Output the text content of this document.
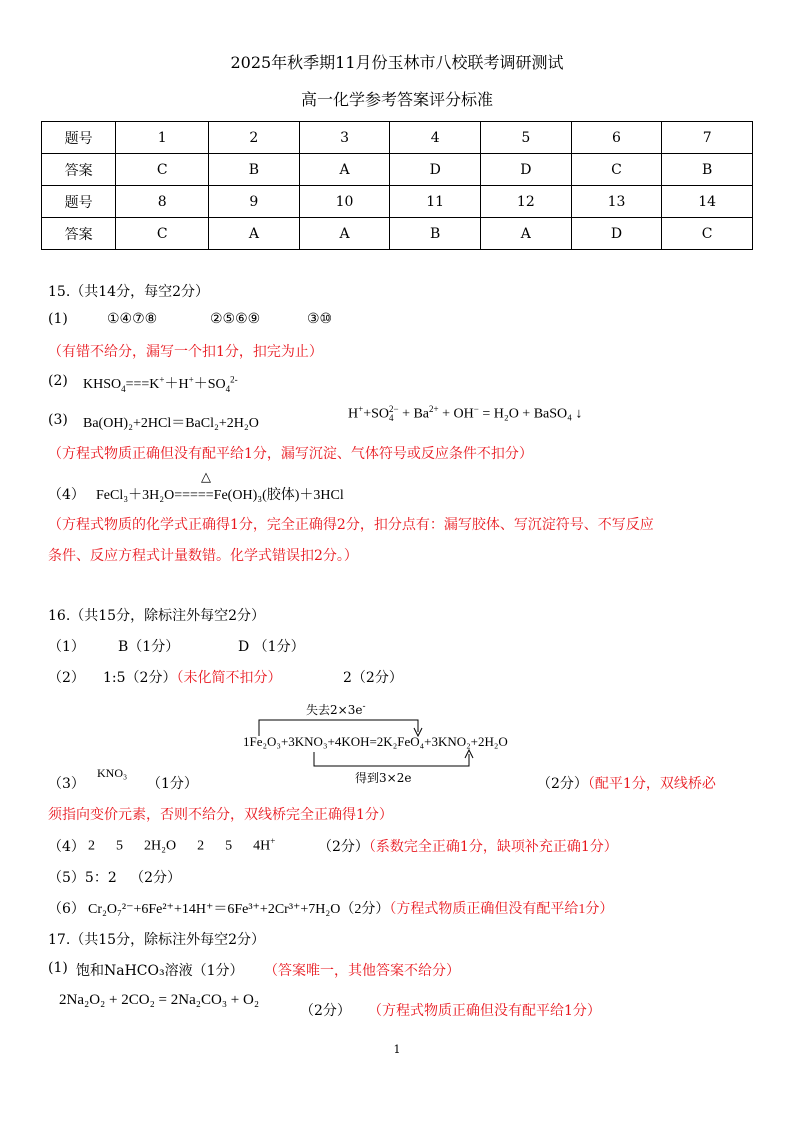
2025年秋季期11月份玉林市八校联考调研测试
高一化学参考答案评分标准
题号	1	2	3	4	5	6	7
答案	C	B	A	D	D	C	B
题号	8	9	10	11	12	13	14
答案	C	A	A	B	A	D	C
15.（共14分，每空2分）
(1)	①④⑦⑧	②⑤⑥⑨	③⑩
（有错不给分，漏写一个扣1分，扣完为止）
(2) $KHSO_4===K^++H^++SO_4^{2-}$
(3) Ba(OH)₂+2HCl＝BaCl₂+2H₂O
H++SO 2−
$4 + Ba^{2+} + OH^- = H_2O$ + BaSO₄ ↓
（方程式物质正确但没有配平给1分，漏写沉淀、气体符号或反应条件不扣分）
（4） FeCl₃＋3H₂O=====Fe(OH)₃(胶体)＋3HCl
△
（方程式物质的化学式正确得1分，完全正确得2分，扣分点有：漏写胶体、写沉淀符号、不写反应
条件、反应方程式计量数错。化学式错误扣2分。）
16.（共15分，除标注外每空2分）
（1） B（1分）	D （1分）
（2） 1:5（2分）（未化简不扣分）	2（2分）
失去2×3e-
1Fe₂O₃+3KNO₃+4KOH=2K₂FeO₄+3KNO₂+2H₂O
得到3×2e
（3）
KNO₃
（1分）	（2分）（配平1分，双线桥必
须指向变价元素，否则不给分，双线桥完全正确得1分）
（4） 2      5      2H₂O      2      5      4H+	（2分）（系数完全正确1分，缺项补充正确1分）
（5）5：2   （2分）
（6） Cr₂O₇²⁻+6Fe²⁺+14H⁺＝6Fe³⁺+2Cr³⁺+7H₂O（2分）（方程式物质正确但没有配平给1分）
17.（共15分，除标注外每空2分）
(1) 饱和NaHCO₃溶液（1分） （答案唯一，其他答案不给分）
2Na₂O₂ + 2CO₂ = 2Na₂CO₃ + O₂
（2分） （方程式物质正确但没有配平给1分）
1
